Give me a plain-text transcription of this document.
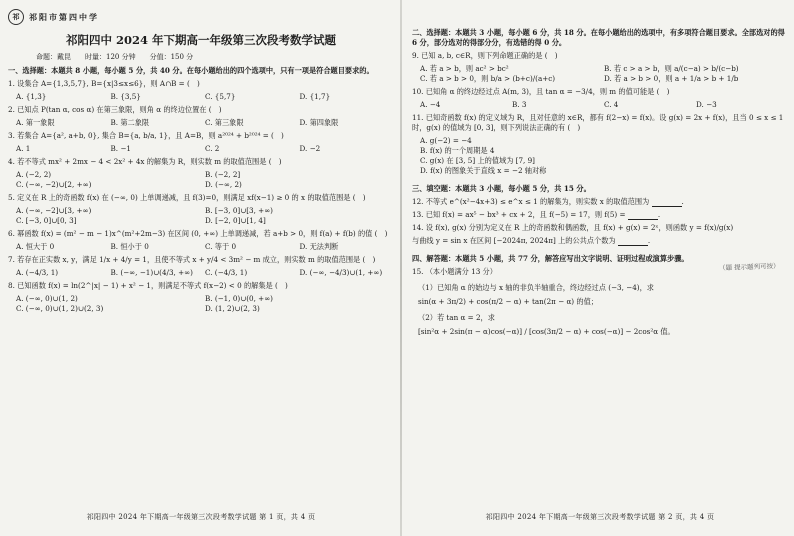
祁	祁阳市第四中学
祁阳四中 2024 年下期高一年级第三次段考数学试题
命题：戴昆 时量：120 分钟 分值：150 分
一、选择题：本题共 8 小题，每小题 5 分，共 40 分。在每小题给出的四个选项中，只有一项是符合题目要求的。
1. 设集合 A={1,3,5,7}, B={x|3≤x≤6}，则 A∩B = (　)
A. {1,3}	B. {3,5}	C. {5,7}	D. {1,7}
2. 已知点 P(tan α, cos α) 在第三象限，则角 α 的终边位置在 (　)
A. 第一象限	B. 第二象限	C. 第三象限	D. 第四象限
3. 若集合 A={a², a+b, 0}, 集合 B={a, b/a, 1}，且 A=B，则 a²⁰²⁴ + b²⁰²⁴ = (　)
A. 1	B. −1	C. 2	D. −2
4. 若不等式 mx² + 2mx − 4 < 2x² + 4x 的解集为 R，则实数 m 的取值范围是 (　)
A. (−2, 2)	B. (−2, 2]
C. (−∞, −2)∪[2, +∞)	D. (−∞, 2)
5. 定义在 R 上的奇函数 f(x) 在 (−∞, 0) 上单调递减，且 f(3)=0，则满足 xf(x−1) ≥ 0 的 x 的取值范围是 (　)
A. (−∞, −2]∪[3, +∞)	B. [−3, 0]∪[3, +∞)
C. [−3, 0]∪[0, 3]	D. [−2, 0]∪[1, 4]
6. 幂函数 f(x) = (m² − m − 1)x^(m²+2m−3) 在区间 (0, +∞) 上单调递减，若 a+b > 0，则 f(a) + f(b) 的值 (　)
A. 恒大于 0	B. 恒小于 0	C. 等于 0	D. 无法判断
7. 若存在正实数 x, y，满足 1/x + 4/y = 1，且使不等式 x + y/4 < 3m² − m 成立，则实数 m 的取值范围是 (　)
A. (−4/3, 1)	B. (−∞, −1)∪(4/3, +∞)	C. (−4/3, 1)	D. (−∞, −4/3)∪(1, +∞)
8. 已知函数 f(x) = ln(2^|x| − 1) + x² − 1，则满足不等式 f(x−2) < 0 的解集是 (　)
A. (−∞, 0)∪(1, 2)	B. (−1, 0)∪(0, +∞)
C. (−∞, 0)∪(1, 2)∪(2, 3)	D. (1, 2)∪(2, 3)
祁阳四中 2024 年下期高一年级第三次段考数学试题 第 1 页，共 4 页
二、选择题：本题共 3 小题，每小题 6 分，共 18 分。在每小题给出的选项中，有多项符合题目要求。全部选对的得 6 分，部分选对的得部分分，有选错的得 0 分。
9. 已知 a, b, c∈R，则下列命题正确的是 (　)
A. 若 a > b，则 ac² > bc²	B. 若 c > a > b，则 a/(c−a) > b/(c−b)
C. 若 a > b > 0，则 b/a > (b+c)/(a+c)	D. 若 a > b > 0，则 a + 1/a > b + 1/b
10. 已知角 α 的终边经过点 A(m, 3)，且 tan α = −3/4，则 m 的值可能是 (　)
A. −4	B. 3	C. 4	D. −3
11. 已知奇函数 f(x) 的定义域为 R，且对任意的 x∈R，都有 f(2−x) = f(x)。设 g(x) = 2x + f(x)，且当 0 ≤ x ≤ 1 时，g(x) 的值域为 [0, 3]，则下列说法正确的有 (　)
A. g(−2) = −4
B. f(x) 的一个周期是 4
C. g(x) 在 [3, 5] 上的值域为 [7, 9]
D. f(x) 的图象关于直线 x = −2 轴对称
（题 提示题列可按）
三、填空题：本题共 3 小题，每小题 5 分，共 15 分。
12. 不等式 e^(x²−4x+3) ≤ e^x ≤ 1 的解集为，则实数 x 的取值范围为	.
13. 已知 f(x) = ax⁵ − bx³ + cx + 2，且 f(−5) = 17，则 f(5) =	.
14. 设 f(x), g(x) 分别为定义在 R 上的奇函数和偶函数，且 f(x) + g(x) = 2ˣ，则函数 y = f(x)/g(x)
与曲线 y = sin x 在区间 [−2024π, 2024π] 上的公共点个数为	.
四、解答题：本题共 5 小题，共 77 分，解答应写出文字说明、证明过程或演算步骤。
15. （本小题满分 13 分）
（1）已知角 α 的始边与 x 轴的非负半轴重合，终边经过点 (−3, −4)，求
sin(α + 3π/2) + cos(π/2 − α) + tan(2π − α) 的值；
（2）若 tan α = 2，求
[sin²α + 2sin(π − α)cos(−α)] / [cos(3π/2 − α) + cos(−α)] − 2cos²α 值。
祁阳四中 2024 年下期高一年级第三次段考数学试题 第 2 页，共 4 页
